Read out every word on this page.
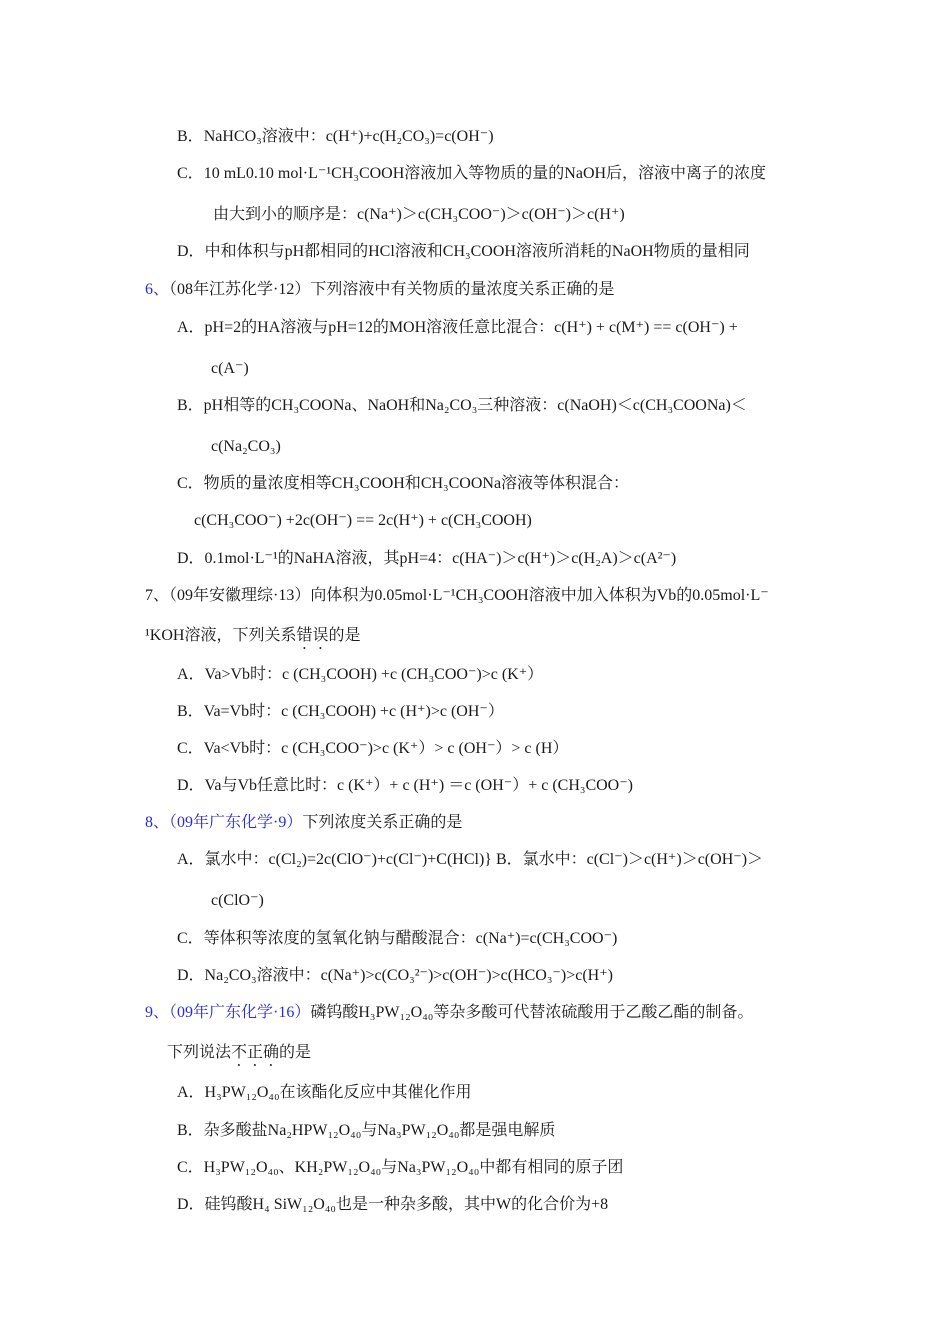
B．NaHCO₃溶液中：c(H⁺)+c(H₂CO₃)=c(OH⁻)
C．10 mL0.10 mol·L⁻¹CH₃COOH溶液加入等物质的量的NaOH后，溶液中离子的浓度
由大到小的顺序是：c(Na⁺)＞c(CH₃COO⁻)＞c(OH⁻)＞c(H⁺)
D．中和体积与pH都相同的HCl溶液和CH₃COOH溶液所消耗的NaOH物质的量相同
6、（08年江苏化学·12）下列溶液中有关物质的量浓度关系正确的是
A．pH=2的HA溶液与pH=12的MOH溶液任意比混合：c(H⁺) + c(M⁺) == c(OH⁻) +
c(A⁻)
B．pH相等的CH₃COONa、NaOH和Na₂CO₃三种溶液：c(NaOH)＜c(CH₃COONa)＜
c(Na₂CO₃)
C．物质的量浓度相等CH₃COOH和CH₃COONa溶液等体积混合：
c(CH₃COO⁻) +2c(OH⁻) == 2c(H⁺) + c(CH₃COOH)
D．0.1mol·L⁻¹的NaHA溶液，其pH=4：c(HA⁻)＞c(H⁺)＞c(H₂A)＞c(A²⁻)
7、（09年安徽理综·13）向体积为0.05mol·L⁻¹CH₃COOH溶液中加入体积为Vb的0.05mol·L⁻
¹KOH溶液，下列关系错误的是
A．Va>Vb时：c (CH₃COOH) +c (CH₃COO⁻)>c (K⁺）
B．Va=Vb时：c (CH₃COOH) +c (H⁺)>c (OH⁻）
C．Va<Vb时：c (CH₃COO⁻)>c (K⁺）> c (OH⁻）> c (H）
D．Va与Vb任意比时：c (K⁺）+ c (H⁺) ＝c (OH⁻）+ c (CH₃COO⁻)
8、（09年广东化学·9）下列浓度关系正确的是
A．氯水中：c(Cl₂)=2c(ClO⁻)+c(Cl⁻)+C(HCl)} B．氯水中：c(Cl⁻)＞c(H⁺)＞c(OH⁻)＞
c(ClO⁻)
C．等体积等浓度的氢氧化钠与醋酸混合：c(Na⁺)=c(CH₃COO⁻)
D．Na₂CO₃溶液中：c(Na⁺)>c(CO₃²⁻)>c(OH⁻)>c(HCO₃⁻)>c(H⁺)
9、（09年广东化学·16）磷钨酸H₃PW₁₂O₄₀等杂多酸可代替浓硫酸用于乙酸乙酯的制备。
下列说法不正确的是
A．H₃PW₁₂O₄₀在该酯化反应中其催化作用
B．杂多酸盐Na₂HPW₁₂O₄₀与Na₃PW₁₂O₄₀都是强电解质
C．H₃PW₁₂O₄₀、KH₂PW₁₂O₄₀与Na₃PW₁₂O₄₀中都有相同的原子团
D．硅钨酸H₄ SiW₁₂O₄₀也是一种杂多酸，其中W的化合价为+8
